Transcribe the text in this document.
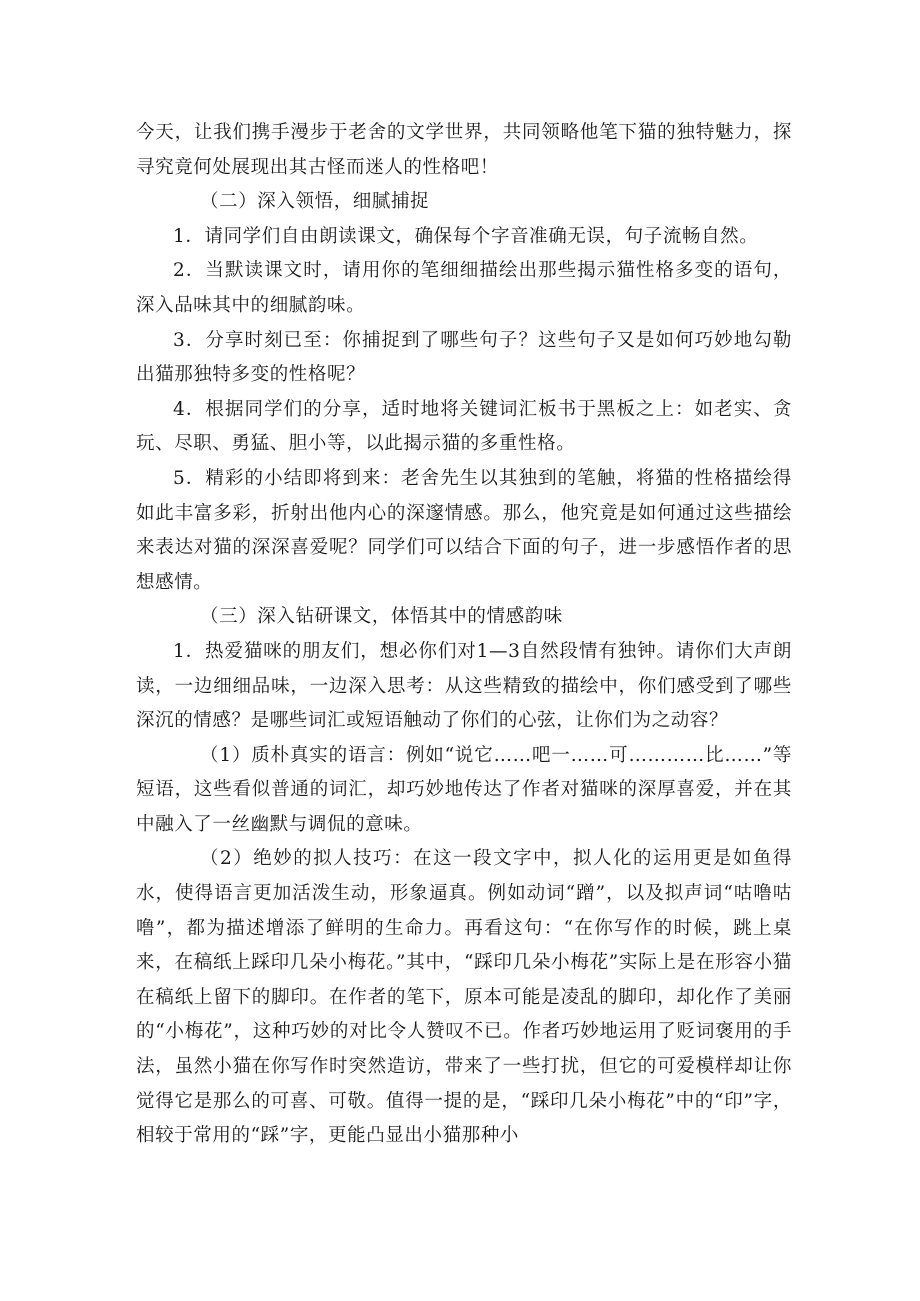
今天，让我们携手漫步于老舍的文学世界，共同领略他笔下猫的独特魅力，探寻究竟何处展现出其古怪而迷人的性格吧！

（二）深入领悟，细腻捕捉

1．请同学们自由朗读课文，确保每个字音准确无误，句子流畅自然。

2．当默读课文时，请用你的笔细细描绘出那些揭示猫性格多变的语句，深入品味其中的细腻韵味。

3．分享时刻已至：你捕捉到了哪些句子？这些句子又是如何巧妙地勾勒出猫那独特多变的性格呢？

4．根据同学们的分享，适时地将关键词汇板书于黑板之上：如老实、贪玩、尽职、勇猛、胆小等，以此揭示猫的多重性格。

5．精彩的小结即将到来：老舍先生以其独到的笔触，将猫的性格描绘得如此丰富多彩，折射出他内心的深邃情感。那么，他究竟是如何通过这些描绘来表达对猫的深深喜爱呢？同学们可以结合下面的句子，进一步感悟作者的思想感情。

（三）深入钻研课文，体悟其中的情感韵味

1．热爱猫咪的朋友们，想必你们对1—3自然段情有独钟。请你们大声朗读，一边细细品味，一边深入思考：从这些精致的描绘中，你们感受到了哪些深沉的情感？是哪些词汇或短语触动了你们的心弦，让你们为之动容？

（1）质朴真实的语言：例如“说它……吧一……可…………比……”等短语，这些看似普通的词汇，却巧妙地传达了作者对猫咪的深厚喜爱，并在其中融入了一丝幽默与调侃的意味。

（2）绝妙的拟人技巧：在这一段文字中，拟人化的运用更是如鱼得水，使得语言更加活泼生动，形象逼真。例如动词“蹭”，以及拟声词“咕噜咕噜”，都为描述增添了鲜明的生命力。再看这句：“在你写作的时候，跳上桌来，在稿纸上踩印几朵小梅花。”其中，“踩印几朵小梅花”实际上是在形容小猫在稿纸上留下的脚印。在作者的笔下，原本可能是凌乱的脚印，却化作了美丽的“小梅花”，这种巧妙的对比令人赞叹不已。作者巧妙地运用了贬词褒用的手法，虽然小猫在你写作时突然造访，带来了一些打扰，但它的可爱模样却让你觉得它是那么的可喜、可敬。值得一提的是，“踩印几朵小梅花”中的“印”字，相较于常用的“踩”字，更能凸显出小猫那种小
